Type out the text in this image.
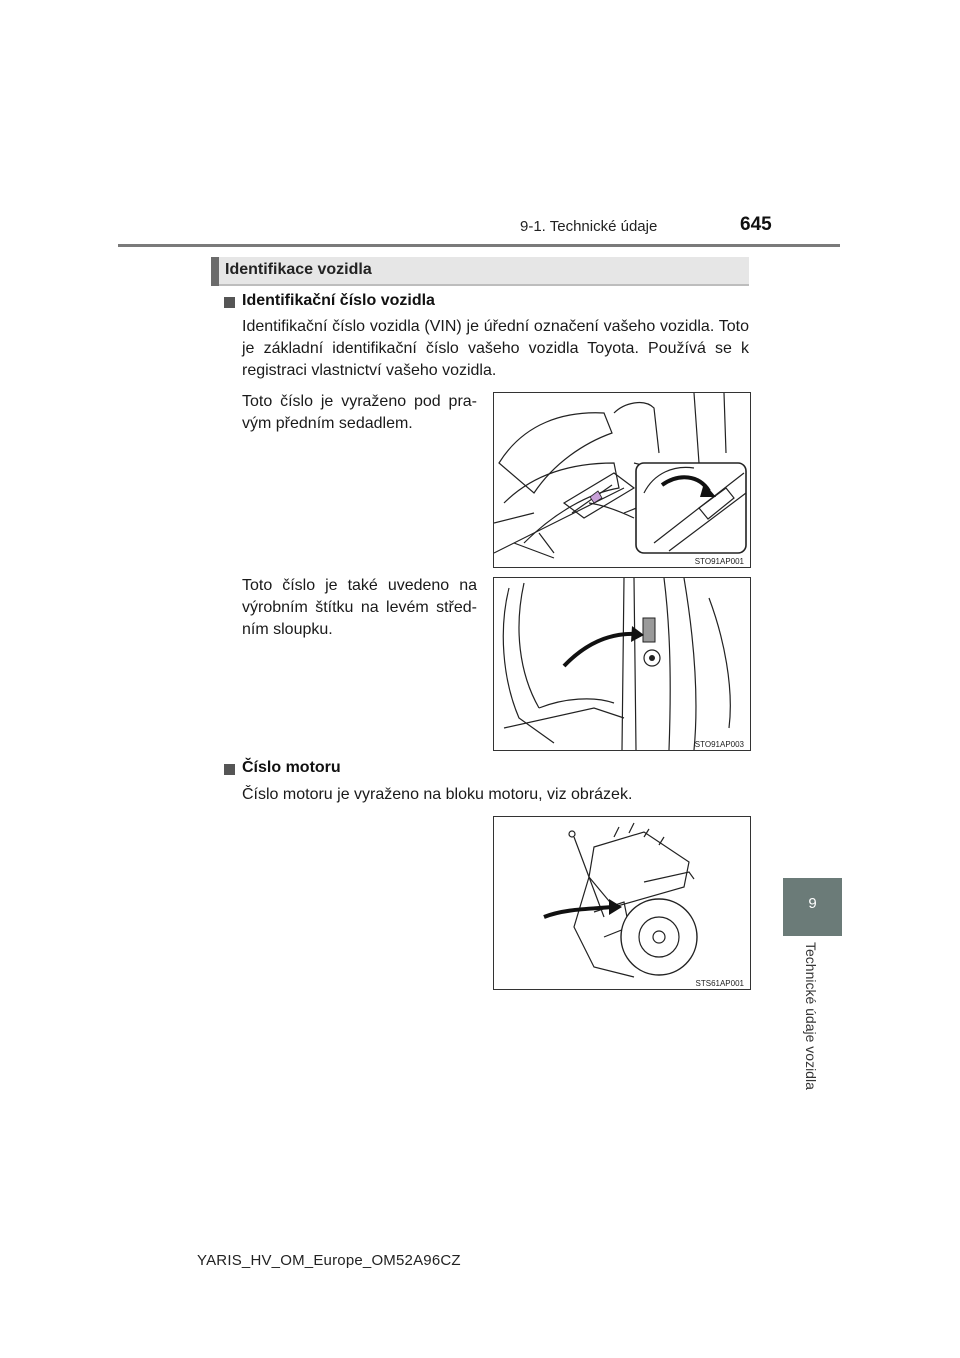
9-1. Technické údaje	645
9
Technické údaje vozidla
Identifikace vozidla
Identifikační číslo vozidla
Identifikační číslo vozidla (VIN) je úřední označení vašeho vozidla. Toto je základní identifikační číslo vašeho vozidla Toyota. Používá se k registraci vlastnictví vašeho vozidla.
Toto číslo je vyraženo pod pra- vým předním sedadlem.
STO91AP001
Toto číslo je také uvedeno na výrobním štítku na levém střed- ním sloupku.
STO91AP003
Číslo motoru
Číslo motoru je vyraženo na bloku motoru, viz obrázek.
STS61AP001
YARIS_HV_OM_Europe_OM52A96CZ
